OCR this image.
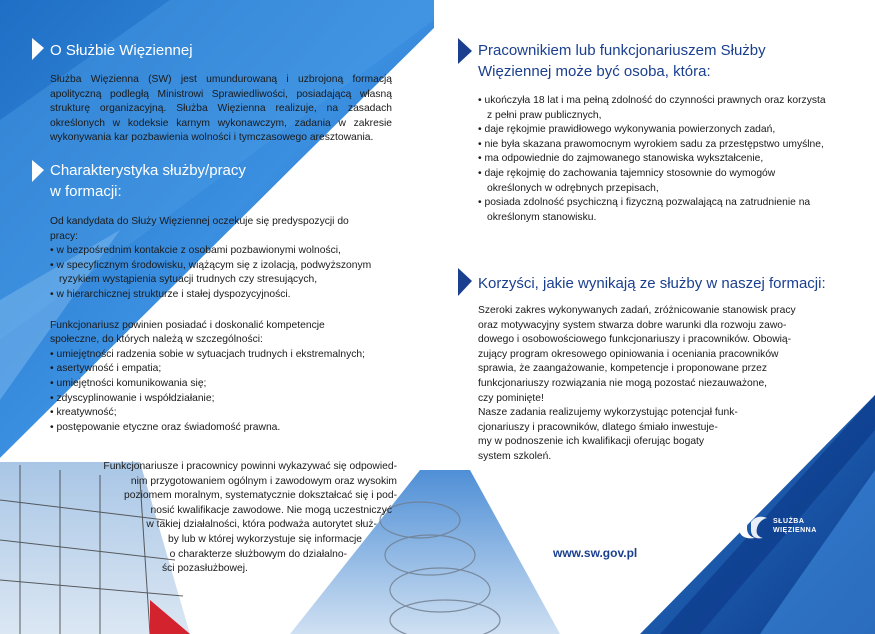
O Służbie Więziennej

Służba Więzienna (SW) jest umundurowaną i uzbrojoną formacją apolityczną podległą Ministrowi Sprawiedliwości, posiadającą własną strukturę organizacyjną. Służba Więzienna realizuje, na zasadach określonych w kodeksie karnym wykonawczym, zadania w zakresie wykonywania kar pozbawienia wolności i tymczasowego aresztowania.

Charakterystyka służby/pracy
w formacji:

Od kandydata do Służy Więziennej oczekuje się predyspozycji do pracy:

• w bezpośrednim kontakcie z osobami pozbawionymi wolności,
• w specyficznym środowisku, wiążącym się z izolacją, podwyższonym ryzykiem wystąpienia sytuacji trudnych czy stresujących,
• w hierarchicznej strukturze i stałej dyspozycyjności.

Funkcjonariusz powinien posiadać i doskonalić kompetencje społeczne, do których należą w szczególności:

• umiejętności radzenia sobie w sytuacjach trudnych i ekstremalnych;
• asertywność i empatia;
• umiejętności komunikowania się;
• zdyscyplinowanie i współdziałanie;
• kreatywność;
• postępowanie etyczne oraz świadomość prawna.
Funkcjonariusze i pracownicy powinni wykazywać się odpowied-
nim przygotowaniem ogólnym i zawodowym oraz wysokim
poziomem moralnym, systematycznie dokształcać się i pod-
nosić kwalifikacje zawodowe. Nie mogą uczestniczyć
w takiej działalności, która podważa autorytet służ-
by lub w której wykorzystuje się informacje
o charakterze służbowym do działalno-
ści pozasłużbowej.
Pracownikiem lub funkcjonariuszem Służby
Więziennej może być osoba, która:
• ukończyła 18 lat i ma pełną zdolność do czynności prawnych oraz korzysta z pełni praw publicznych,
• daje rękojmie prawidłowego wykonywania powierzonych zadań,
• nie była skazana prawomocnym wyrokiem sadu za przestępstwo umyślne,
• ma odpowiednie do zajmowanego stanowiska wykształcenie,
• daje rękojmię do zachowania tajemnicy stosownie do wymogów określonych w odrębnych przepisach,
• posiada zdolność psychiczną i fizyczną pozwalającą na zatrudnienie na określonym stanowisku.
Korzyści, jakie wynikają ze służby w naszej formacji:
Szeroki zakres wykonywanych zadań, zróżnicowanie stanowisk pracy
oraz motywacyjny system stwarza dobre warunki dla rozwoju zawo-
dowego i osobowościowego funkcjonariuszy i pracowników. Obowią-
zujący program okresowego opiniowania i oceniania pracowników
sprawia, że zaangażowanie, kompetencje i proponowane przez
funkcjonariuszy rozwiązania nie mogą pozostać niezauważone,
czy pominięte!
Nasze zadania realizujemy wykorzystując potencjał funk-
cjonariuszy i pracowników, dlatego śmiało inwestuje-
my w podnoszenie ich kwalifikacji oferując bogaty
system szkoleń.
www.sw.gov.pl
SŁUŻBA
WIĘZIENNA
